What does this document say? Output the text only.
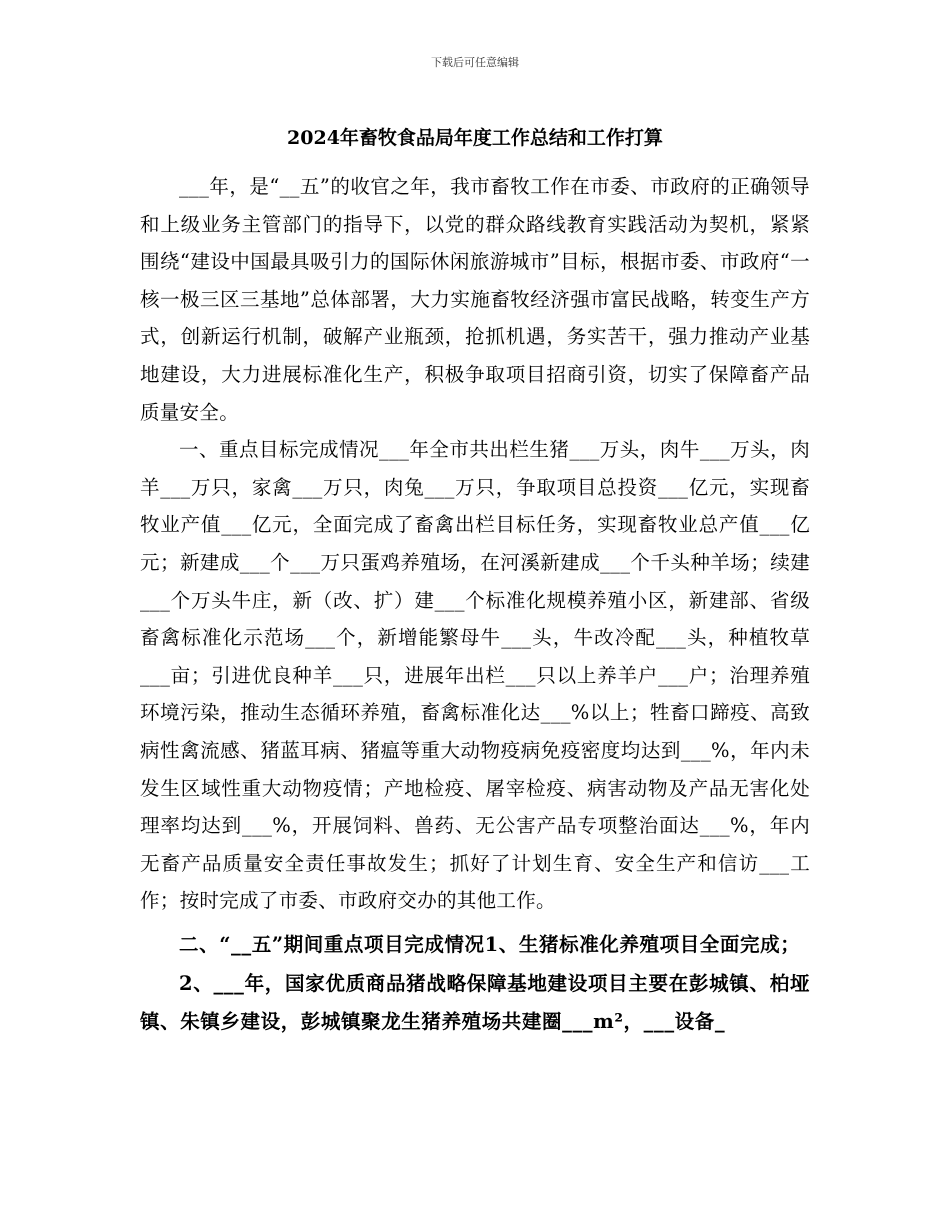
下载后可任意编辑
2024年畜牧食品局年度工作总结和工作打算

___年，是“__五”的收官之年，我市畜牧工作在市委、市政府的正确领导和上级业务主管部门的指导下，以党的群众路线教育实践活动为契机，紧紧围绕“建设中国最具吸引力的国际休闲旅游城市”目标，根据市委、市政府“一核一极三区三基地”总体部署，大力实施畜牧经济强市富民战略，转变生产方式，创新运行机制，破解产业瓶颈，抢抓机遇，务实苦干，强力推动产业基地建设，大力进展标准化生产，积极争取项目招商引资，切实了保障畜产品质量安全。

一、重点目标完成情况___年全市共出栏生猪___万头，肉牛___万头，肉羊___万只，家禽___万只，肉兔___万只，争取项目总投资___亿元，实现畜牧业产值___亿元，全面完成了畜禽出栏目标任务，实现畜牧业总产值___亿元；新建成___个___万只蛋鸡养殖场，在河溪新建成___个千头种羊场；续建___个万头牛庄，新（改、扩）建___个标准化规模养殖小区，新建部、省级畜禽标准化示范场___个，新增能繁母牛___头，牛改冷配___头，种植牧草___亩；引进优良种羊___只，进展年出栏___只以上养羊户___户；治理养殖环境污染，推动生态循环养殖，畜禽标准化达___%以上；牲畜口蹄疫、高致病性禽流感、猪蓝耳病、猪瘟等重大动物疫病免疫密度均达到___%，年内未发生区域性重大动物疫情；产地检疫、屠宰检疫、病害动物及产品无害化处理率均达到___%，开展饲料、兽药、无公害产品专项整治面达___%，年内无畜产品质量安全责任事故发生；抓好了计划生育、安全生产和信访___工作；按时完成了市委、市政府交办的其他工作。

二、“__五”期间重点项目完成情况1、生猪标准化养殖项目全面完成；

2、___年，国家优质商品猪战略保障基地建设项目主要在彭城镇、柏垭镇、朱镇乡建设，彭城镇聚龙生猪养殖场共建圈___m²，___设备_
